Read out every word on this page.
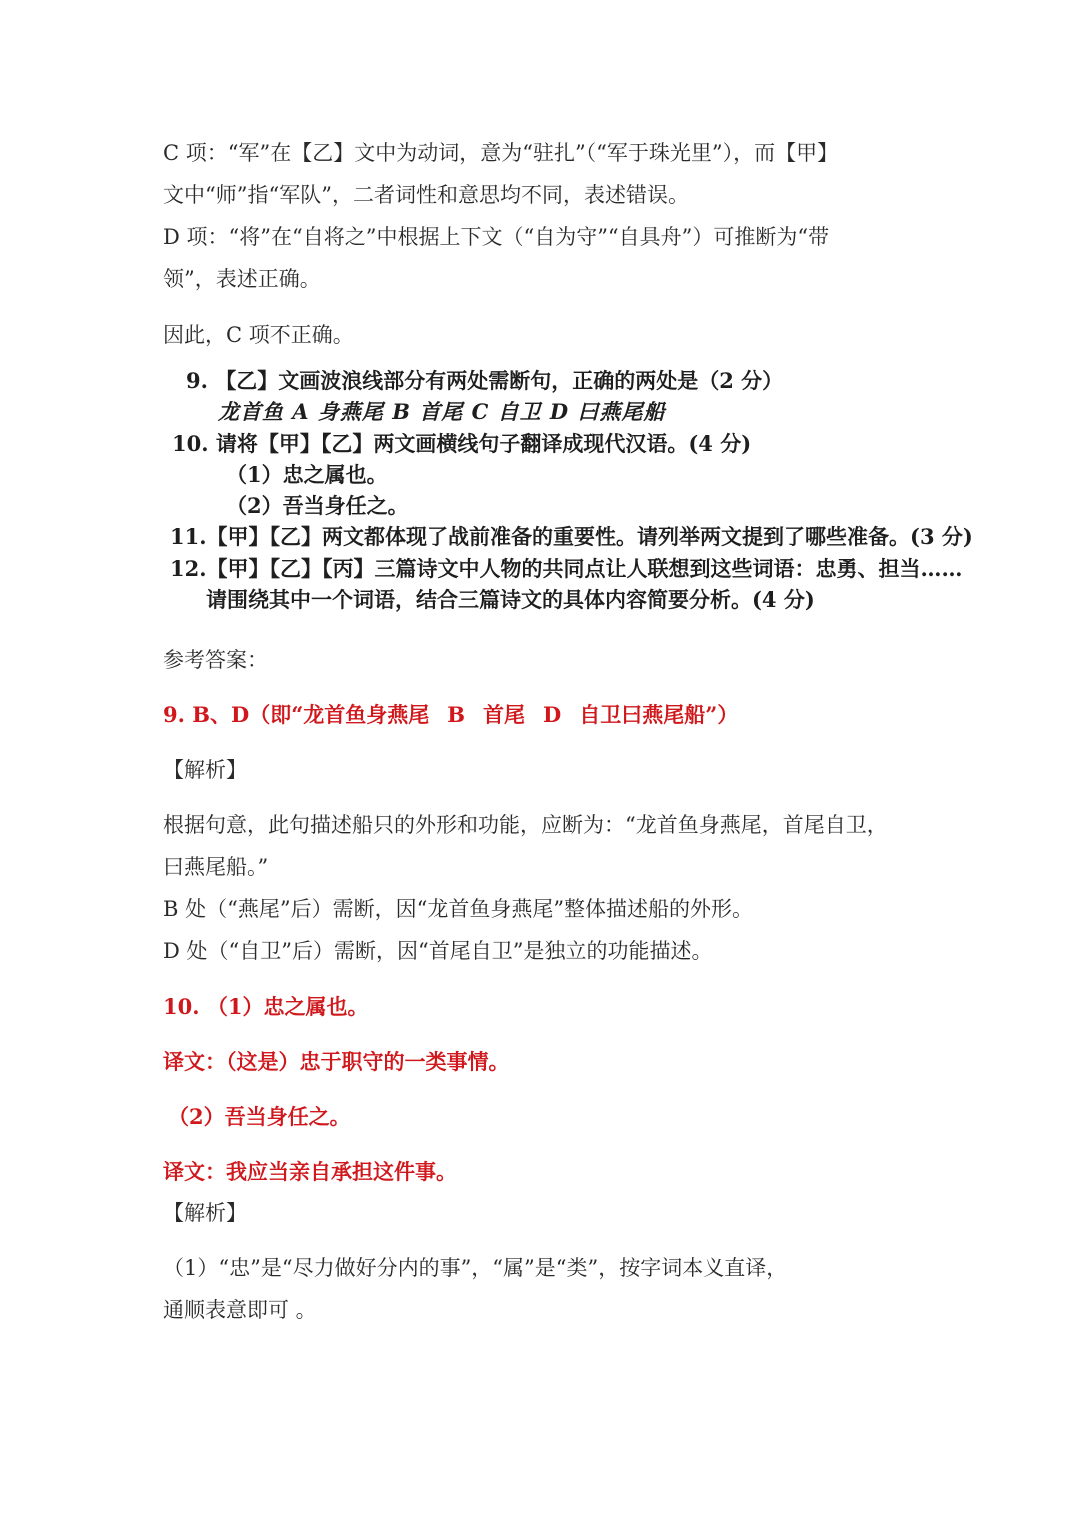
C 项：“军”在【乙】文中为动词，意为“驻扎”（“军于珠光里”），而【甲】
文中“师”指“军队”，二者词性和意思均不同，表述错误。
D 项：“将”在“自将之”中根据上下文（“自为守”“自具舟”）可推断为“带
领”，表述正确。
因此，C 项不正确。
9. 【乙】文画波浪线部分有两处需断句，正确的两处是（2 分）
龙首鱼 A 身燕尾 B 首尾 C 自卫 D 曰燕尾船
10. 请将【甲】【乙】两文画横线句子翻译成现代汉语。(4 分)
（1）忠之属也。
（2）吾当身任之。
11.【甲】【乙】两文都体现了战前准备的重要性。请列举两文提到了哪些准备。(3 分)
12.【甲】【乙】【丙】三篇诗文中人物的共同点让人联想到这些词语：忠勇、担当……
请围绕其中一个词语，结合三篇诗文的具体内容简要分析。(4 分)
参考答案：
9. B、D（即“龙首鱼身燕尾 B 首尾 D 自卫曰燕尾船”）
【解析】
根据句意，此句描述船只的外形和功能，应断为：“龙首鱼身燕尾，首尾自卫，
曰燕尾船。”
B 处（“燕尾”后）需断，因“龙首鱼身燕尾”整体描述船的外形。
D 处（“自卫”后）需断，因“首尾自卫”是独立的功能描述。
10. （1）忠之属也。
译文：（这是）忠于职守的一类事情。
（2）吾当身任之。
译文：我应当亲自承担这件事。
【解析】
（1）“忠”是“尽力做好分内的事”，“属”是“类”，按字词本义直译，
通顺表意即可 。
